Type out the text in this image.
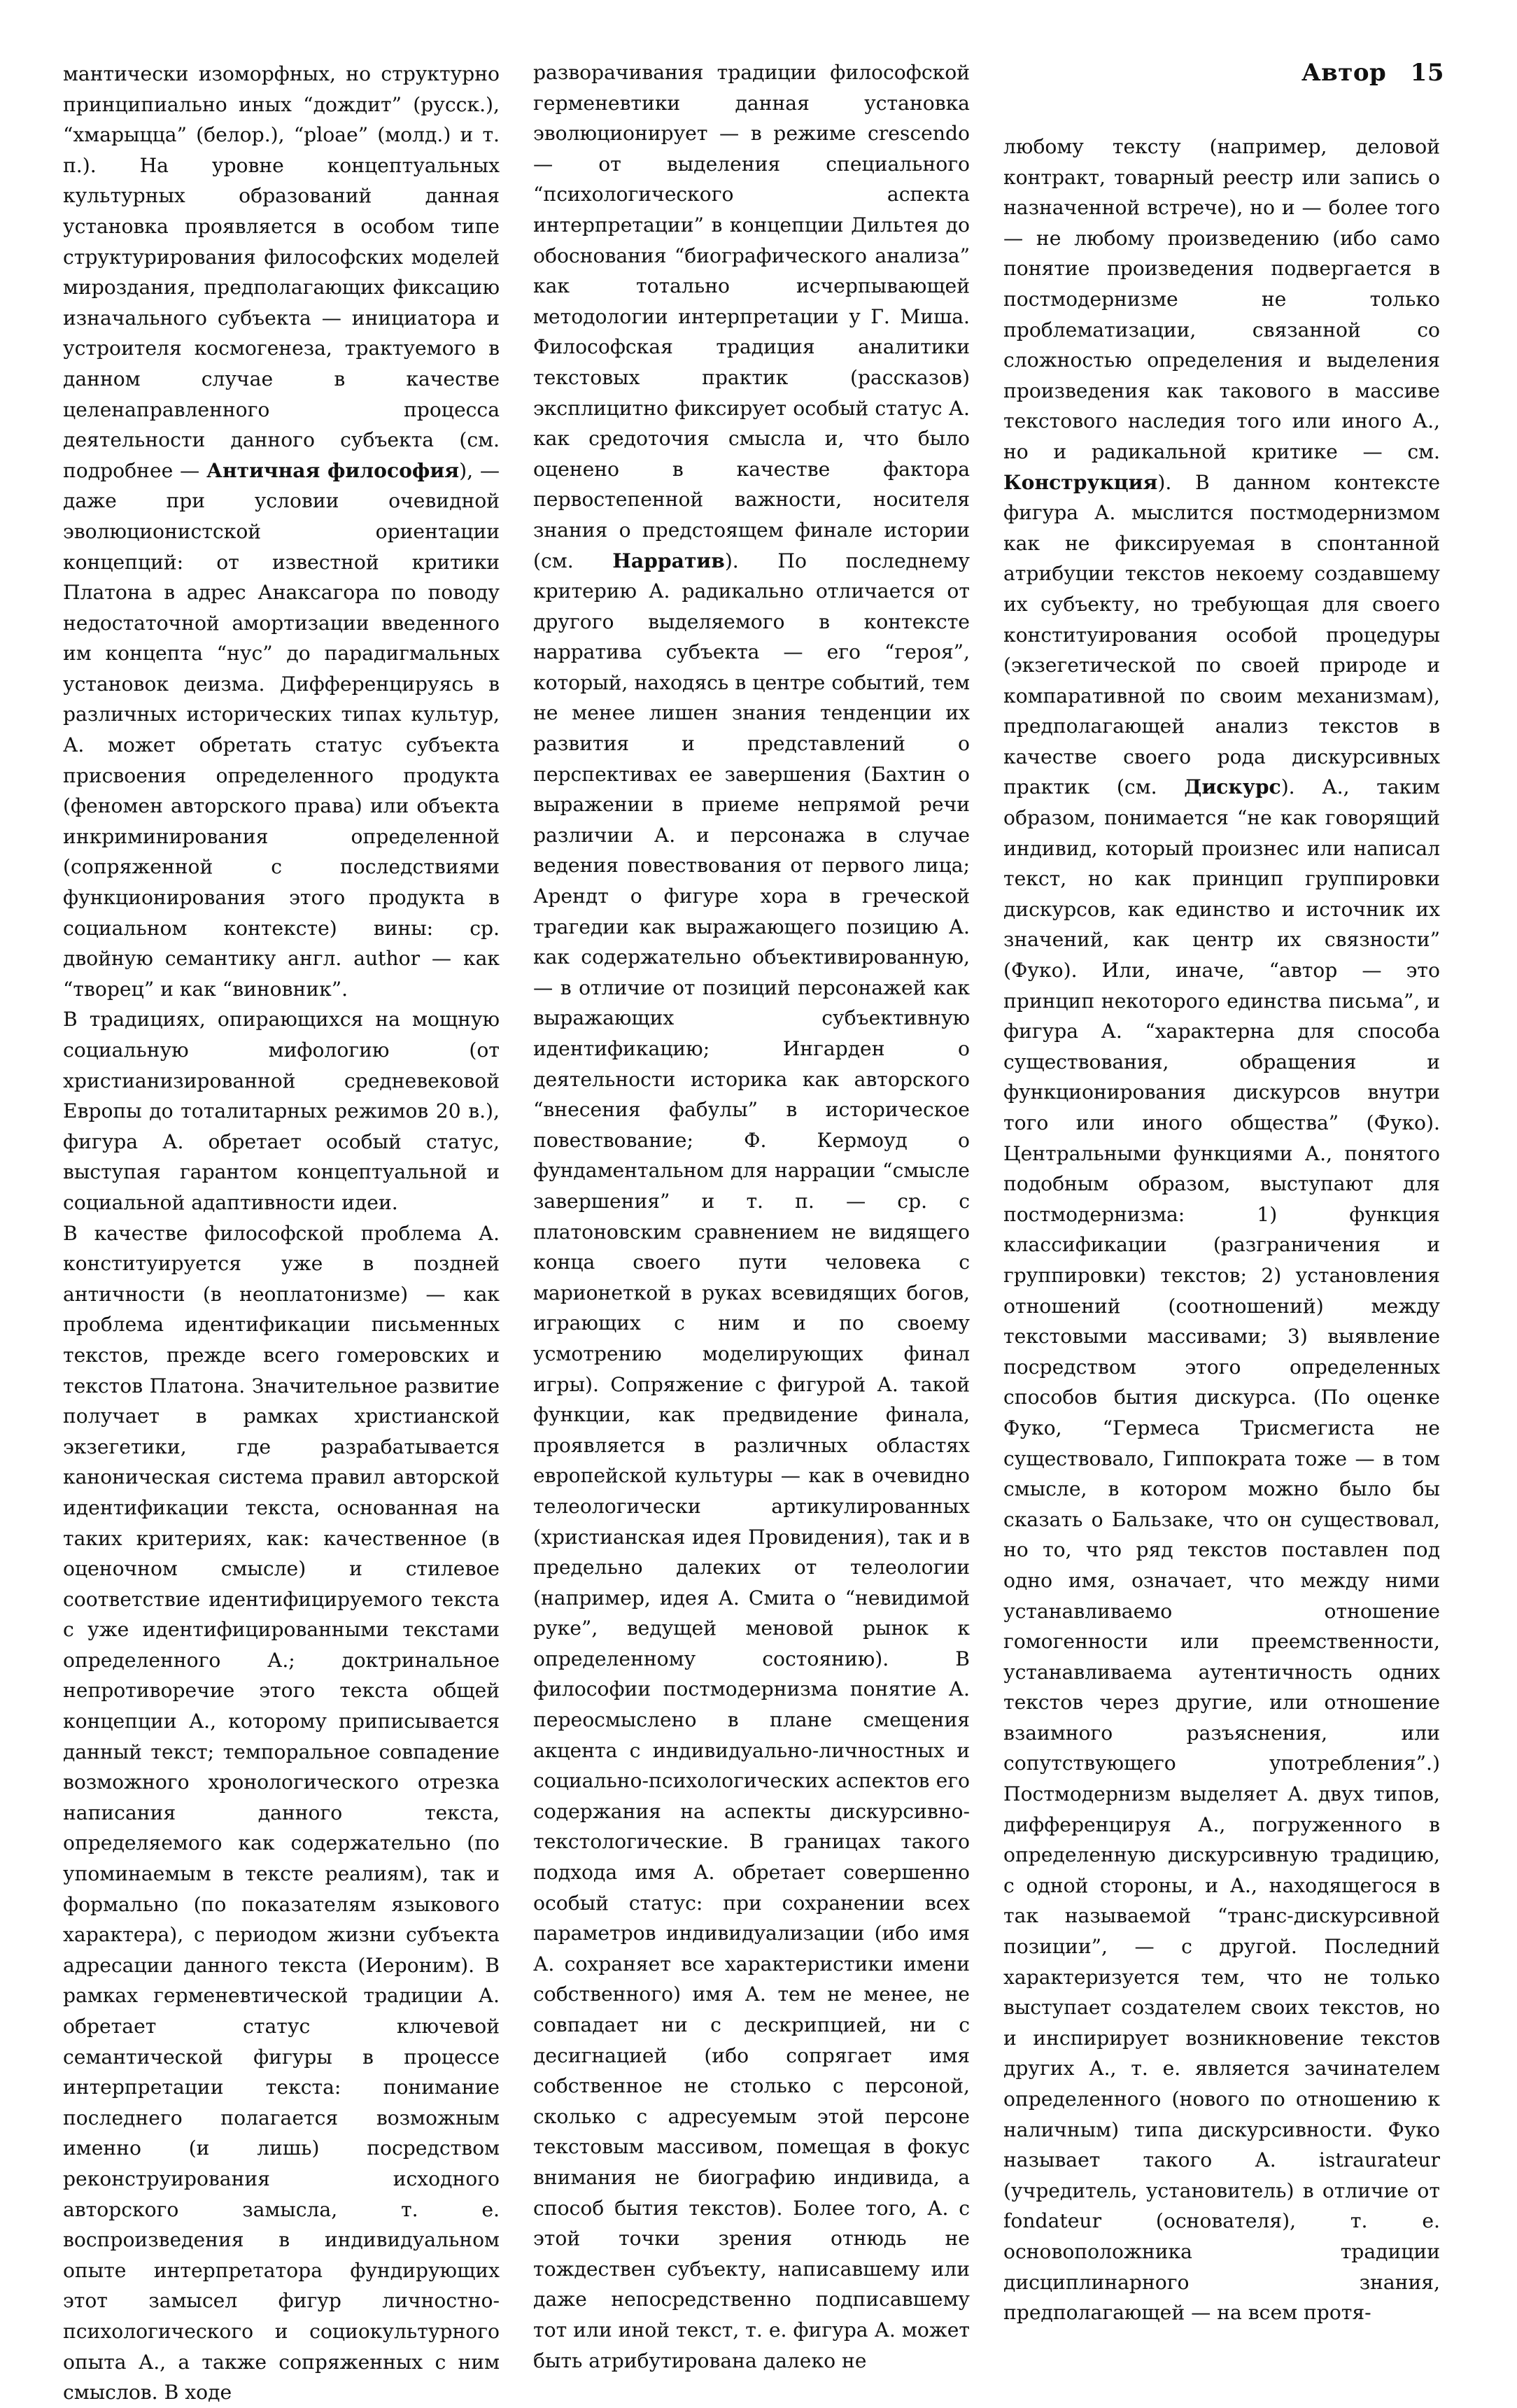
Автор 15

мантически изоморфных, но структурно принципиально иных “дождит” (русск.), “хмарыцца” (белор.), “ploae” (молд.) и т. п.). На уровне концептуальных культурных образований данная установка проявляется в особом типе структурирования философских моделей мироздания, предполагающих фиксацию изначального субъекта — инициатора и устроителя космогенеза, трактуемого в данном случае в качестве целенаправленного процесса деятельности данного субъекта (см. подробнее — Античная философия), — даже при условии очевидной эволюционистской ориентации концепций: от известной критики Платона в адрес Анаксагора по поводу недостаточной амортизации введенного им концепта “нус” до парадигмальных установок деизма. Дифференцируясь в различных исторических типах культур, А. может обретать статус субъекта присвоения определенного продукта (феномен авторского права) или объекта инкриминирования определенной (сопряженной с последствиями функционирования этого продукта в социальном контексте) вины: ср. двойную семантику англ. author — как “творец” и как “виновник”.

В традициях, опирающихся на мощную социальную мифологию (от христианизированной средневековой Европы до тоталитарных режимов 20 в.), фигура А. обретает особый статус, выступая гарантом концептуальной и социальной адаптивности идеи.

В качестве философской проблема А. конституируется уже в поздней античности (в неоплатонизме) — как проблема идентификации письменных текстов, прежде всего гомеровских и текстов Платона. Значительное развитие получает в рамках христианской экзегетики, где разрабатывается каноническая система правил авторской идентификации текста, основанная на таких критериях, как: качественное (в оценочном смысле) и стилевое соответствие идентифицируемого текста с уже идентифицированными текстами определенного А.; доктринальное непротиворечие этого текста общей концепции А., которому приписывается данный текст; темпоральное совпадение возможного хронологического отрезка написания данного текста, определяемого как содержательно (по упоминаемым в тексте реалиям), так и формально (по показателям языкового характера), с периодом жизни субъекта адресации данного текста (Иероним). В рамках герменевтической традиции А. обретает статус ключевой семантической фигуры в процессе интерпретации текста: понимание последнего полагается возможным именно (и лишь) посредством реконструирования исходного авторского замысла, т. е. воспроизведения в индивидуальном опыте интерпретатора фундирующих этот замысел фигур личностно-психологического и социокультурного опыта А., а также сопряженных с ним смыслов. В ходе

разворачивания традиции философской герменевтики данная установка эволюционирует — в режиме crescendo — от выделения специального “психологического аспекта интерпретации” в концепции Дильтея до обоснования “биографического анализа” как тотально исчерпывающей методологии интерпретации у Г. Миша. Философская традиция аналитики текстовых практик (рассказов) эксплицитно фиксирует особый статус А. как средоточия смысла и, что было оценено в качестве фактора первостепенной важности, носителя знания о предстоящем финале истории (см. Нарратив). По последнему критерию А. радикально отличается от другого выделяемого в контексте нарратива субъекта — его “героя”, который, находясь в центре событий, тем не менее лишен знания тенденции их развития и представлений о перспективах ее завершения (Бахтин о выражении в приеме непрямой речи различии А. и персонажа в случае ведения повествования от первого лица; Арендт о фигуре хора в греческой трагедии как выражающего позицию А. как содержательно объективированную, — в отличие от позиций персонажей как выражающих субъективную идентификацию; Ингарден о деятельности историка как авторского “внесения фабулы” в историческое повествование; Ф. Кермоуд о фундаментальном для наррации “смысле завершения” и т. п. — ср. с платоновским сравнением не видящего конца своего пути человека с марионеткой в руках всевидящих богов, играющих с ним и по своему усмотрению моделирующих финал игры). Сопряжение с фигурой А. такой функции, как предвидение финала, проявляется в различных областях европейской культуры — как в очевидно телеологически артикулированных (христианская идея Провидения), так и в предельно далеких от телеологии (например, идея А. Смита о “невидимой руке”, ведущей меновой рынок к определенному состоянию). В философии постмодернизма понятие А. переосмыслено в плане смещения акцента с индивидуально-личностных и социально-психологических аспектов его содержания на аспекты дискурсивно-текстологические. В границах такого подхода имя А. обретает совершенно особый статус: при сохранении всех параметров индивидуализации (ибо имя А. сохраняет все характеристики имени собственного) имя А. тем не менее, не совпадает ни с дескрипцией, ни с десигнацией (ибо сопрягает имя собственное не столько с персоной, сколько с адресуемым этой персоне текстовым массивом, помещая в фокус внимания не биографию индивида, а способ бытия текстов). Более того, А. с этой точки зрения отнюдь не тождествен субъекту, написавшему или даже непосредственно подписавшему тот или иной текст, т. е. фигура А. может быть атрибутирована далеко не

любому тексту (например, деловой контракт, товарный реестр или запись о назначенной встрече), но и — более того — не любому произведению (ибо само понятие произведения подвергается в постмодернизме не только проблематизации, связанной со сложностью определения и выделения произведения как такового в массиве текстового наследия того или иного А., но и радикальной критике — см. Конструкция). В данном контексте фигура А. мыслится постмодернизмом как не фиксируемая в спонтанной атрибуции текстов некоему создавшему их субъекту, но требующая для своего конституирования особой процедуры (экзегетической по своей природе и компаративной по своим механизмам), предполагающей анализ текстов в качестве своего рода дискурсивных практик (см. Дискурс). А., таким образом, понимается “не как говорящий индивид, который произнес или написал текст, но как принцип группировки дискурсов, как единство и источник их значений, как центр их связности” (Фуко). Или, иначе, “автор — это принцип некоторого единства письма”, и фигура А. “характерна для способа существования, обращения и функционирования дискурсов внутри того или иного общества” (Фуко). Центральными функциями А., понятого подобным образом, выступают для постмодернизма: 1) функция классификации (разграничения и группировки) текстов; 2) установления отношений (соотношений) между текстовыми массивами; 3) выявление посредством этого определенных способов бытия дискурса. (По оценке Фуко, “Гермеса Трисмегиста не существовало, Гиппократа тоже — в том смысле, в котором можно было бы сказать о Бальзаке, что он существовал, но то, что ряд текстов поставлен под одно имя, означает, что между ними устанавливаемо отношение гомогенности или преемственности, устанавливаема аутентичность одних текстов через другие, или отношение взаимного разъяснения, или сопутствующего употребления”.) Постмодернизм выделяет А. двух типов, дифференцируя А., погруженного в определенную дискурсивную традицию, с одной стороны, и А., находящегося в так называемой “транс-дискурсивной позиции”, — с другой. Последний характеризуется тем, что не только выступает создателем своих текстов, но и инспирирует возникновение текстов других А., т. е. является зачинателем определенного (нового по отношению к наличным) типа дискурсивности. Фуко называет такого А. istraurateur (учредитель, установитель) в отличие от fondateur (основателя), т. е. основоположника традиции дисциплинарного знания, предполагающей — на всем протя-
